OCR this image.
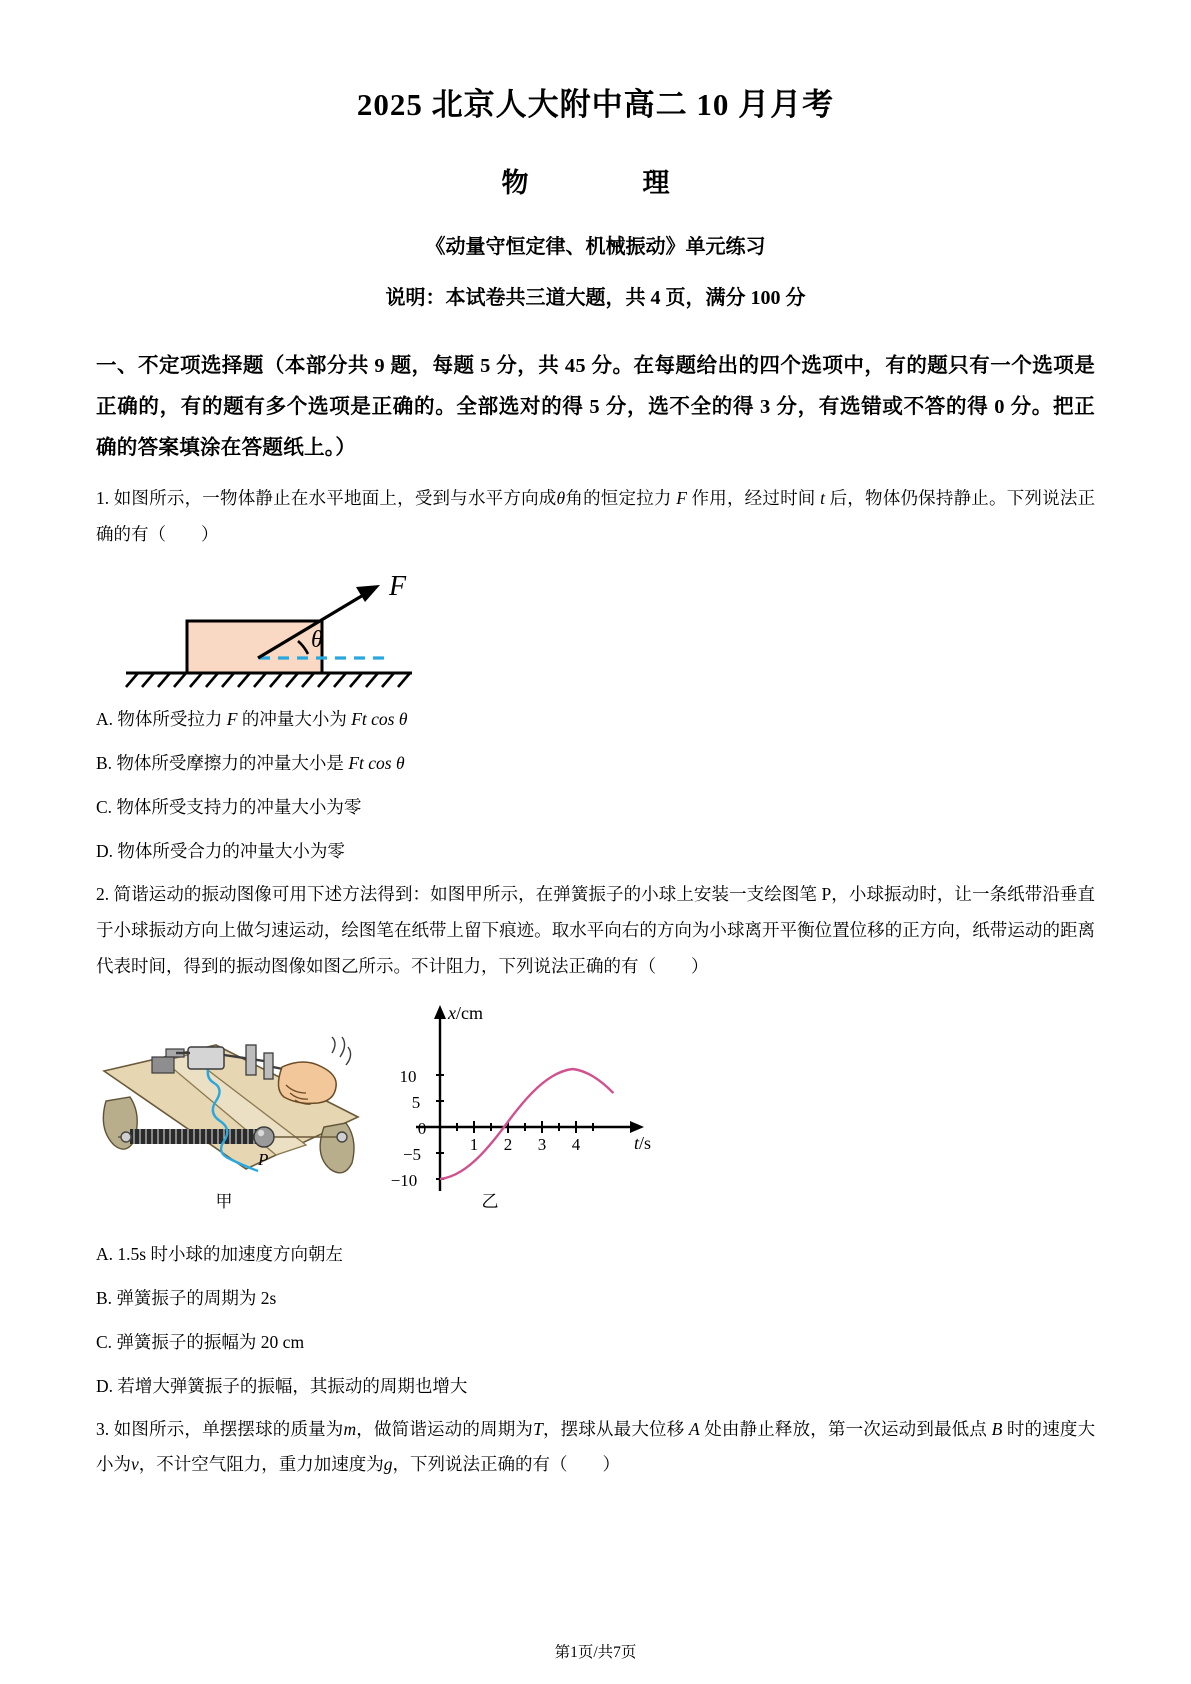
2025 北京人大附中高二 10 月月考
物　　理
《动量守恒定律、机械振动》单元练习
说明：本试卷共三道大题，共 4 页，满分 100 分

一、不定项选择题（本部分共 9 题，每题 5 分，共 45 分。在每题给出的四个选项中，有的题只有一个选项是正确的，有的题有多个选项是正确的。全部选对的得 5 分，选不全的得 3 分，有选错或不答的得 0 分。把正确的答案填涂在答题纸上。）

1. 如图所示，一物体静止在水平地面上，受到与水平方向成θ角的恒定拉力 F 作用，经过时间 t 后，物体仍保持静止。下列说法正确的有（　　）

F
θ

A. 物体所受拉力 F 的冲量大小为 Ft cos θ

B. 物体所受摩擦力的冲量大小是 Ft cos θ

C. 物体所受支持力的冲量大小为零

D. 物体所受合力的冲量大小为零

2. 简谐运动的振动图像可用下述方法得到：如图甲所示，在弹簧振子的小球上安装一支绘图笔 P，小球振动时，让一条纸带沿垂直于小球振动方向上做匀速运动，绘图笔在纸带上留下痕迹。取水平向右的方向为小球离开平衡位置位移的正方向，纸带运动的距离代表时间，得到的振动图像如图乙所示。不计阻力，下列说法正确的有（　　）

P
甲
x/cm
t/s
10
5
0
−5
−10
1 2 3 4
乙

A. 1.5s 时小球的加速度方向朝左

B. 弹簧振子的周期为 2s

C. 弹簧振子的振幅为 20 cm

D. 若增大弹簧振子的振幅，其振动的周期也增大

3. 如图所示，单摆摆球的质量为m，做简谐运动的周期为T，摆球从最大位移 A 处由静止释放，第一次运动到最低点 B 时的速度大小为v，不计空气阻力，重力加速度为g，下列说法正确的有（　　）

第1页/共7页
